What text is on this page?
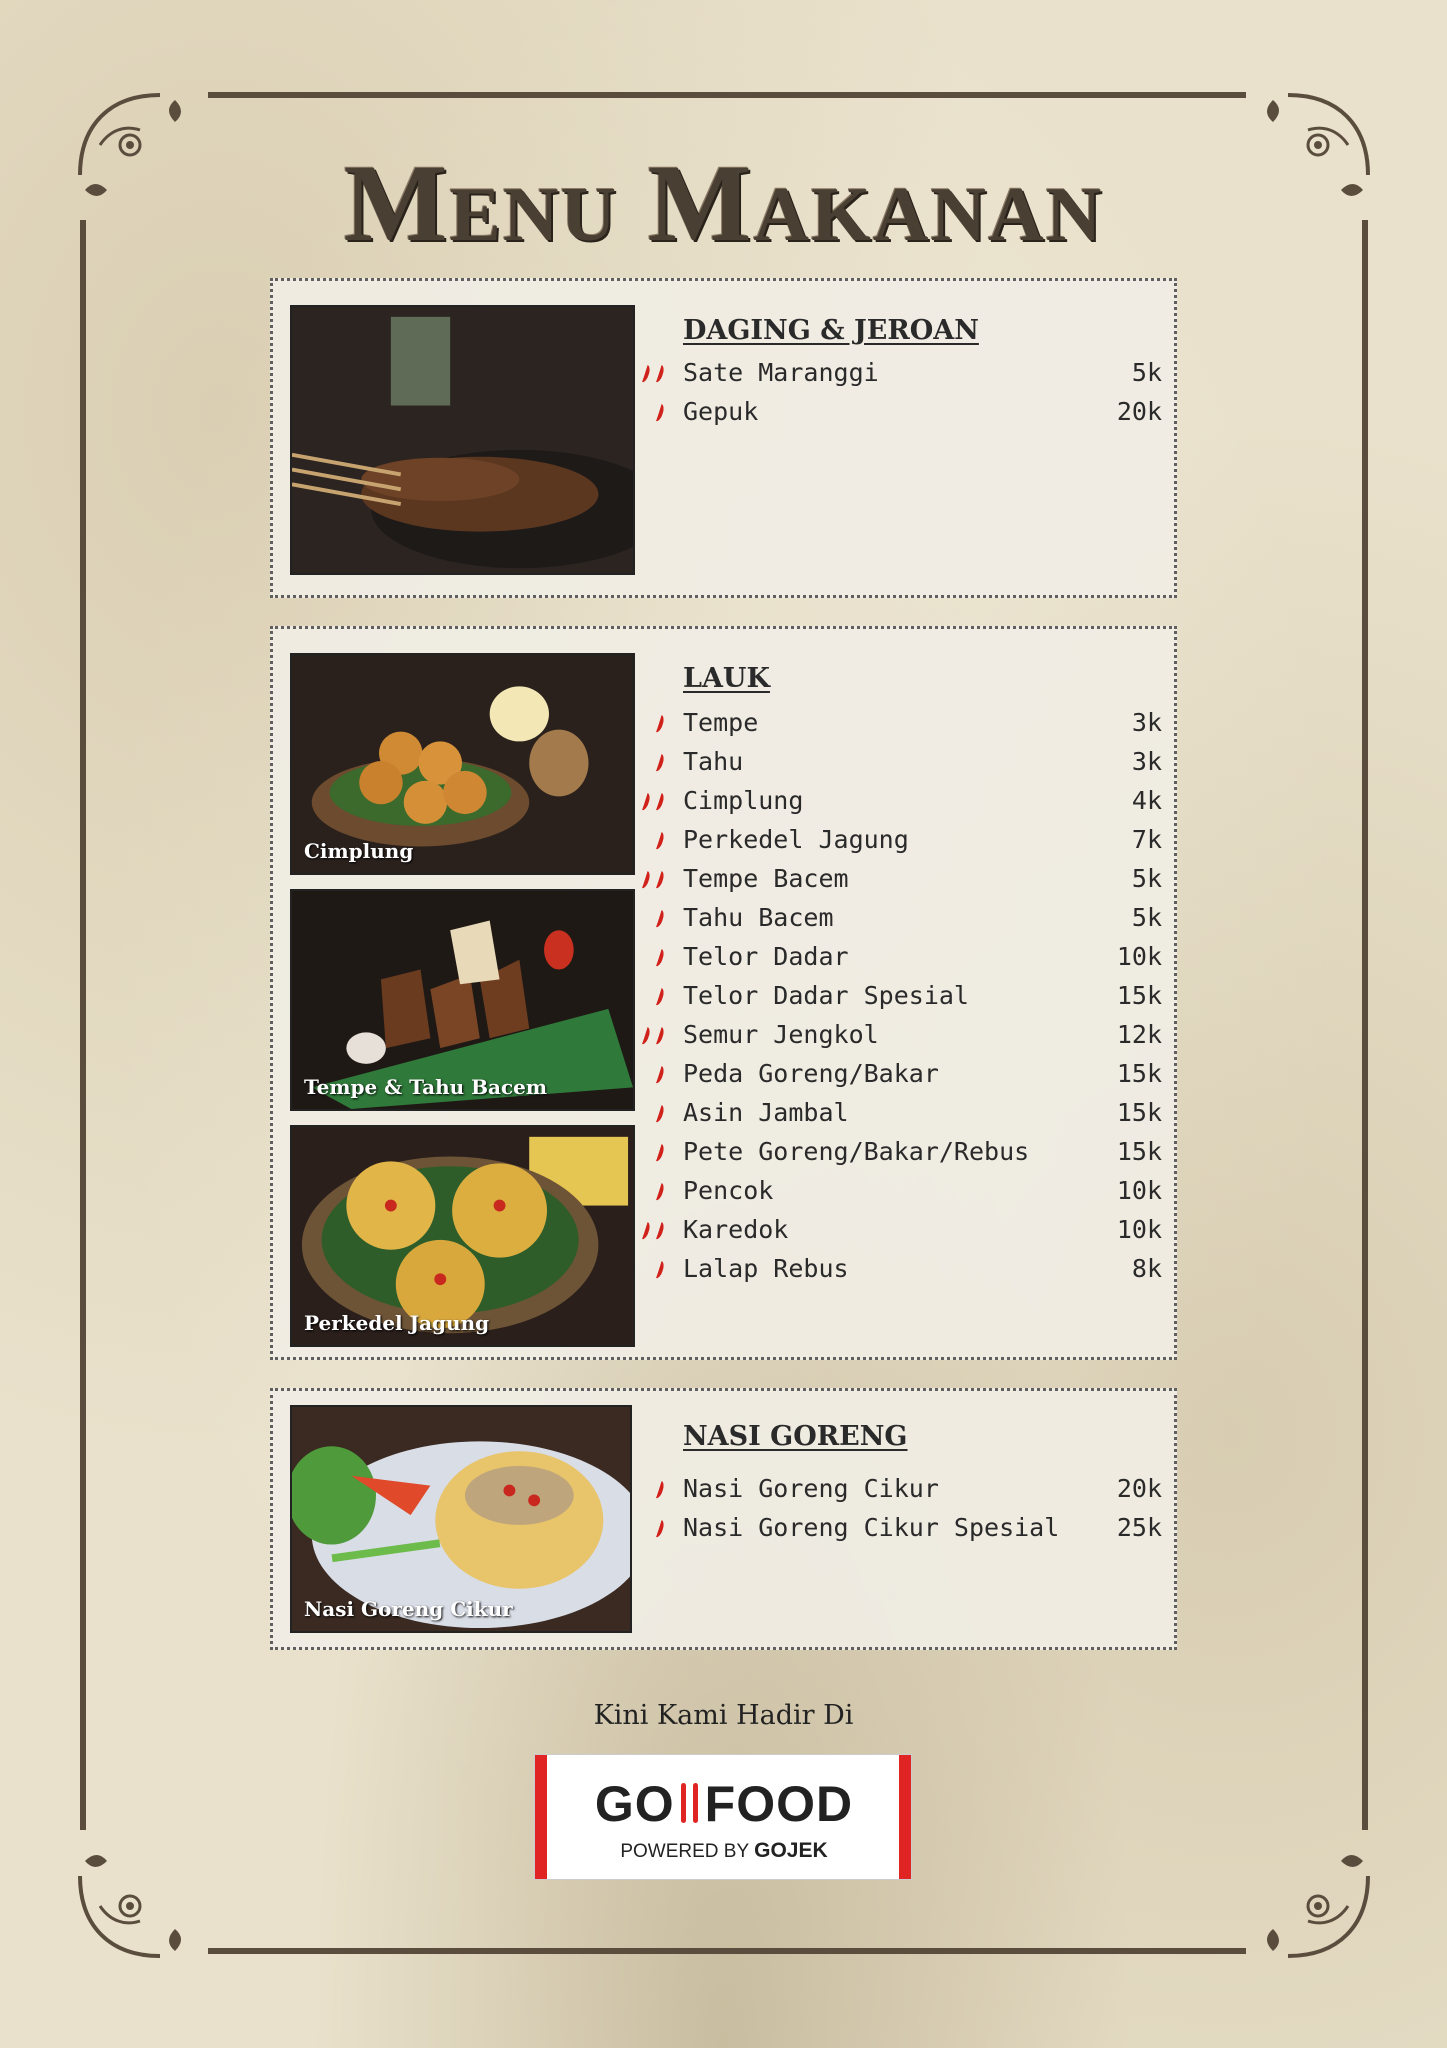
Menu Makanan
DAGING & JEROAN
Sate Maranggi	5k
Gepuk	20k
Cimplung
Tempe & Tahu Bacem
Perkedel Jagung
LAUK
Tempe	3k
Tahu	3k
Cimplung	4k
Perkedel Jagung	7k
Tempe Bacem	5k
Tahu Bacem	5k
Telor Dadar	10k
Telor Dadar Spesial	15k
Semur Jengkol	12k
Peda Goreng/Bakar	15k
Asin Jambal	15k
Pete Goreng/Bakar/Rebus	15k
Pencok	10k
Karedok	10k
Lalap Rebus	8k
Nasi Goreng Cikur
NASI GORENG
Nasi Goreng Cikur	20k
Nasi Goreng Cikur Spesial 25k

Kini Kami Hadir Di

GO FOOD
POWERED BY GOJEK
